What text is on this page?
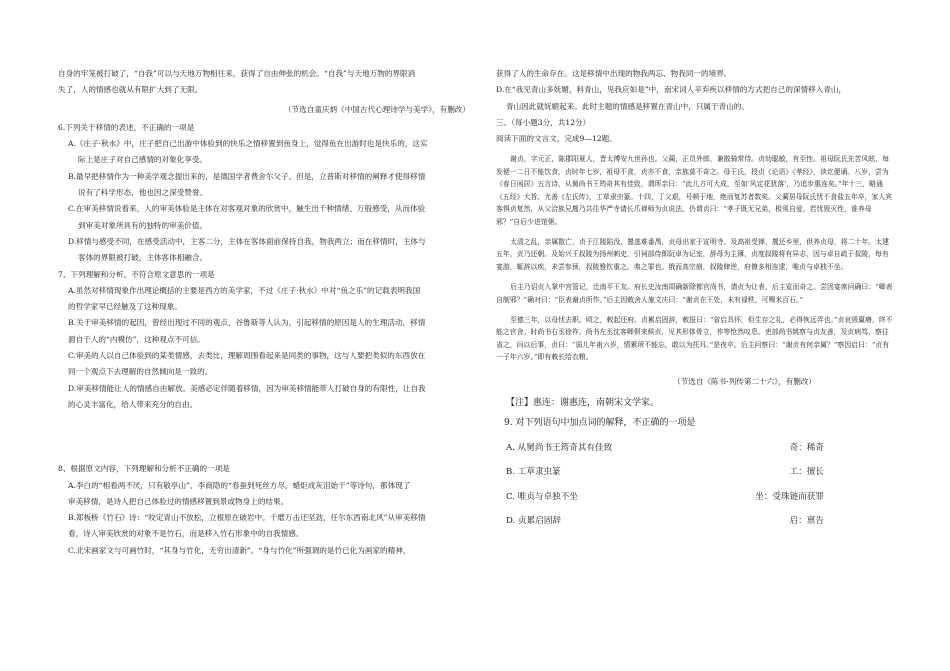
自身的牢笼被打破了，“自我”可以与天地万物相往来，获得了自由伸张的机会。“自我”与天地万物的界限消

失了，人的情感也就从有限扩大到了无限。

（节选自童庆炳《中国古代心理诗学与美学》，有删改）

6.下列关于移情的表述，不正确的一项是

A.《庄子·秋水》中，庄子把自己出游中体验到的快乐之情移置到鱼身上，觉得鱼在出游时也是快乐的，这实

际上是庄子对自己感情的对象化享受。

B.最早把移情作为一种美学观念提出来的，是德国学者费舍尔父子。但是，立普斯对移情的阐释才使得移情

说有了科学形态，他也因之深受赞誉。

C.在审美移情说看来，人的审美体验是主体在对客观对象的欣赏中，触生出千种情绪、万般感受，从而体验

到审美对象所具有的独特的审美价值。

D.移情与感受不同，在感受活动中，主客二分，主体在客体面前保持自我，物我两立；而在移情时，主体与

客体的界限被打破，主体客体相融合。

7、下列理解和分析，不符合原文意思的一项是

A.虽然对移情现象作出理论概括的主要是西方的美学家，不过《庄子·秋水》中对“鱼之乐”的记载表明我国

的哲学家早已经触及了这种现象。

B.关于审美移情的起因，曾经出现过不同的观点，谷鲁斯等人认为，引起移情的原因是人的生理活动，移情

源自于人的“内模仿”，这种观点不可信。

C.审美的人以自己体验到的某类情感，去类比，理解周围看起来是同类的事物，这与人要把类似的东西放在

同一个观点下去理解的自然倾向是一致的。

D.审美移情能让人的情感自由解放。美感必定伴随着移情，因为审美移情能带人打破自身的有限性，让自我

的心灵丰富化，给人带来充分的自由。

8、根据原文内容，下列理解和分析不正确的一项是

A.李白的“相看两不厌，只有敬亭山”、李商隐的“春蚕到死丝方尽，蜡炬成灰泪始干”等诗句，都体现了

审美移情，是诗人把自己体验过的情感移置到景或物身上的结果。

B.郑板桥《竹石》诗：“咬定青山不放松，立根原在破岩中。千磨万击还坚劲，任尔东西南北风”从审美移情

看，诗人审美欣赏的对象不是竹石，而是移入竹石形象中的自我情感。

C.北宋画家文与可画竹时，“其身与竹化，无穷出清新”。“身与竹化”所强调的是竹已化为画家的精神，

获得了人的生命存在。这是移情中出现的物我两忘、物我同一的境界。

D.在“我见青山多妩媚，料青山，见我应如是”中，南宋词人辛弃疾以移情的方式把自己的深情移入青山，

青山因此就妩媚起来。此时主题的情感是移置在青山中，只属于青山的。

三、（每小题3分，共12分）

阅读下面的文言文，完成9—12题。

谢贞，字元正，陈郡阳夏人，晋太傅安九世孙也。父蔺，正员外郎，兼散骑常侍。贞幼聪敏，有至性。祖母阮氏先苦风眩，每发便一二日不能饮食，贞时年七岁，祖母不食，贞亦不食，亲族莫不奇之。母王氏，授贞《论语》《孝经》，读讫便诵。八岁，尝为《春日闲居》五言诗，从舅尚书王筠奇其有佳致，谓所亲曰：“此儿方可大成，至如‘风定花犹落’，乃追步惠连矣。”年十三，略通《五经》大旨。尤善《左氏传》，工草隶虫篆。十四，丁父艰，号顿于地，绝而复苏者数矣。父蔺居母阮氏忧不食盐五年卒，家人宾客惧贞复然，从父洽族兄暠乃共往华严寺请长爪禅师为贞说法。仍谓贞曰：“孝子既无兄弟，极须自爱，若忧毁灭性，谁养母邪？”自后少进馆粥。

太清之乱，亲属散亡，贞于江陵陷没，暠逃难番禺，贞母出家于宣明寺。及高祖受禅，暠还乡里，供养贞母，将二十年。太建五年，贞乃还朝。及始兴王叔陵为扬州刺史，引祠部侍郎阮卓为记室，辞母为主簿，贞度叔陵将有异志，因与卓自疏于叔陵，每有宴游，辄辞以疾，未尝参预，叔陵雅钦重之，弗之罪也。俄而高宗崩，叔陵肆逆，府僚多相连逮，唯贞与卓独不坐。

后主乃诏贞入掌中宫管记，迁南平王友。府长史汝南周确新除都官尚书，请贞为让表，后主览而奇之。尝因宴席问确曰：“卿表自制邪？”确对曰：“臣表谢贞所作。”后主因敕舍人施文庆曰：“谢贞在王处，未有禄秩，可赐米百石。”

至德三年，以母忧去职。顷之，敕起还府。贞累启固辞，敕报曰：“省启具怀，但生存之礼，必得恢远弄也。”贞哀毁羸瘠，终不能之官舍。时尚书右丞徐祚、尚书左丞沈客卿俱来候贞，见其形体骨立，祚等怆然叹息。吏部尚书姚察与贞友善，及贞病笃，察往省之，问以后事，贞曰：“弱儿年甫六岁，情累所不能忘，敢以为托耳。”是夜卒。后主问察曰：“谢贞有何亲属？”察因启曰：“贞有一子年六岁。”即有敕长给衣粮。

（节选自《陈书·列传第二十六》，有删改）

【注】惠连：谢惠连，南朝宋文学家。

9. 对下列语句中加点词的解释，不正确的一项是

A. 从舅尚书王筠奇其有佳致	奇：稀奇
B. 工草隶虫篆	工：擅长
C. 唯贞与卓独不坐	坐：受珠链而获罪
D. 贞累启固辞	启：禀告
